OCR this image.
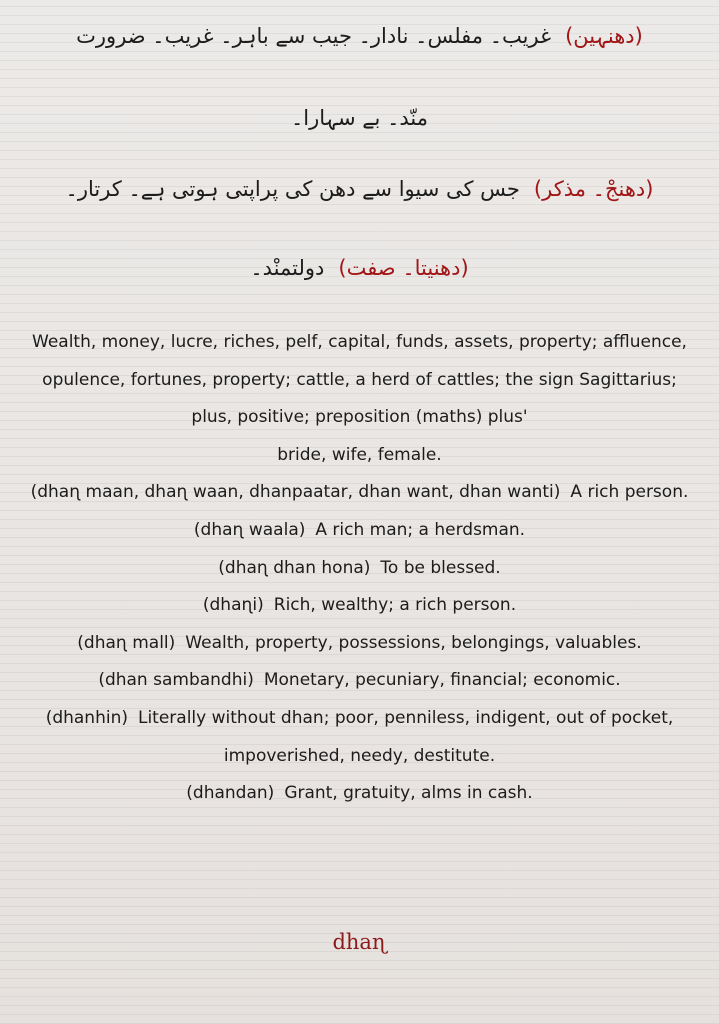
(دھنہین)غریب۔ مفلس۔ نادار۔ جیب سے باہر۔ غریب۔ ضرورت
منّد۔ بے سہارا۔
(دھنجْ۔ مذکر)جس کی سیوا سے دھن کی پراپتی ہوتی ہے۔ کرتار۔
(دھنیتا۔ صفت)دولتمنْد۔

Wealth, money, lucre, riches, pelf, capital, funds, assets, property; affluence, opulence, fortunes, property; cattle, a herd of cattles; the sign Sagittarius;

plus, positive; preposition (maths) plus'

bride, wife, female.

(dhaɳ maan, dhaɳ waan, dhanpaatar, dhan want, dhan wanti) A rich person.

(dhaɳ waala) A rich man; a herdsman.

(dhaɳ dhan hona) To be blessed.

(dhaɳi) Rich, wealthy; a rich person.

(dhaɳ mall) Wealth, property, possessions, belongings, valuables.

(dhan sambandhi) Monetary, pecuniary, financial; economic.

(dhanhin) Literally without dhan; poor, penniless, indigent, out of pocket, impoverished, needy, destitute.

(dhandan) Grant, gratuity, alms in cash.

dhaɳ
